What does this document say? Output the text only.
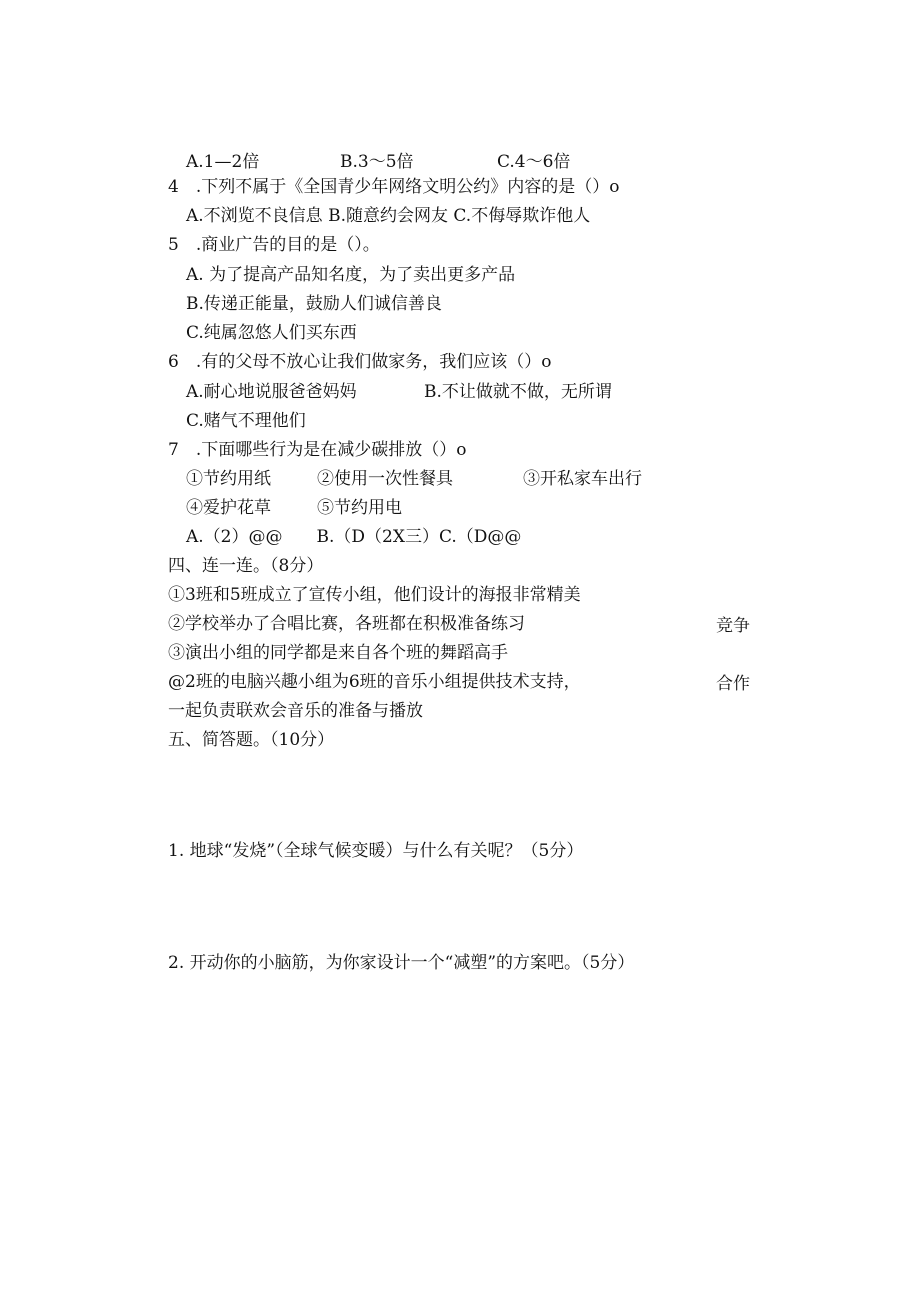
A.1—2倍	B.3～5倍	C.4～6倍
4　.下列不属于《全国青少年网络文明公约》内容的是（）o
A.不浏览不良信息 B.随意约会网友 C.不侮辱欺诈他人
5　.商业广告的目的是（）。
A. 为了提高产品知名度，为了卖出更多产品
B.传递正能量，鼓励人们诚信善良
C.纯属忽悠人们买东西
6　.有的父母不放心让我们做家务，我们应该（）o
A.耐心地说服爸爸妈妈	B.不让做就不做，无所谓
C.赌气不理他们
7　.下面哪些行为是在减少碳排放（）o
①节约用纸	②使用一次性餐具	③开私家车出行
④爱护花草	⑤节约用电
A.（2）@@　　B.（D（2X三）C.（D@@
四、连一连。（8分）
①3班和5班成立了宣传小组，他们设计的海报非常精美
②学校举办了合唱比赛，各班都在积极准备练习	竞争
③演出小组的同学都是来自各个班的舞蹈高手
@2班的电脑兴趣小组为6班的音乐小组提供技术支持，	合作
一起负责联欢会音乐的准备与播放
五、简答题。（10分）
1. 地球“发烧”（全球气候变暖）与什么有关呢？（5分）
2. 开动你的小脑筋，为你家设计一个“减塑”的方案吧。（5分）
